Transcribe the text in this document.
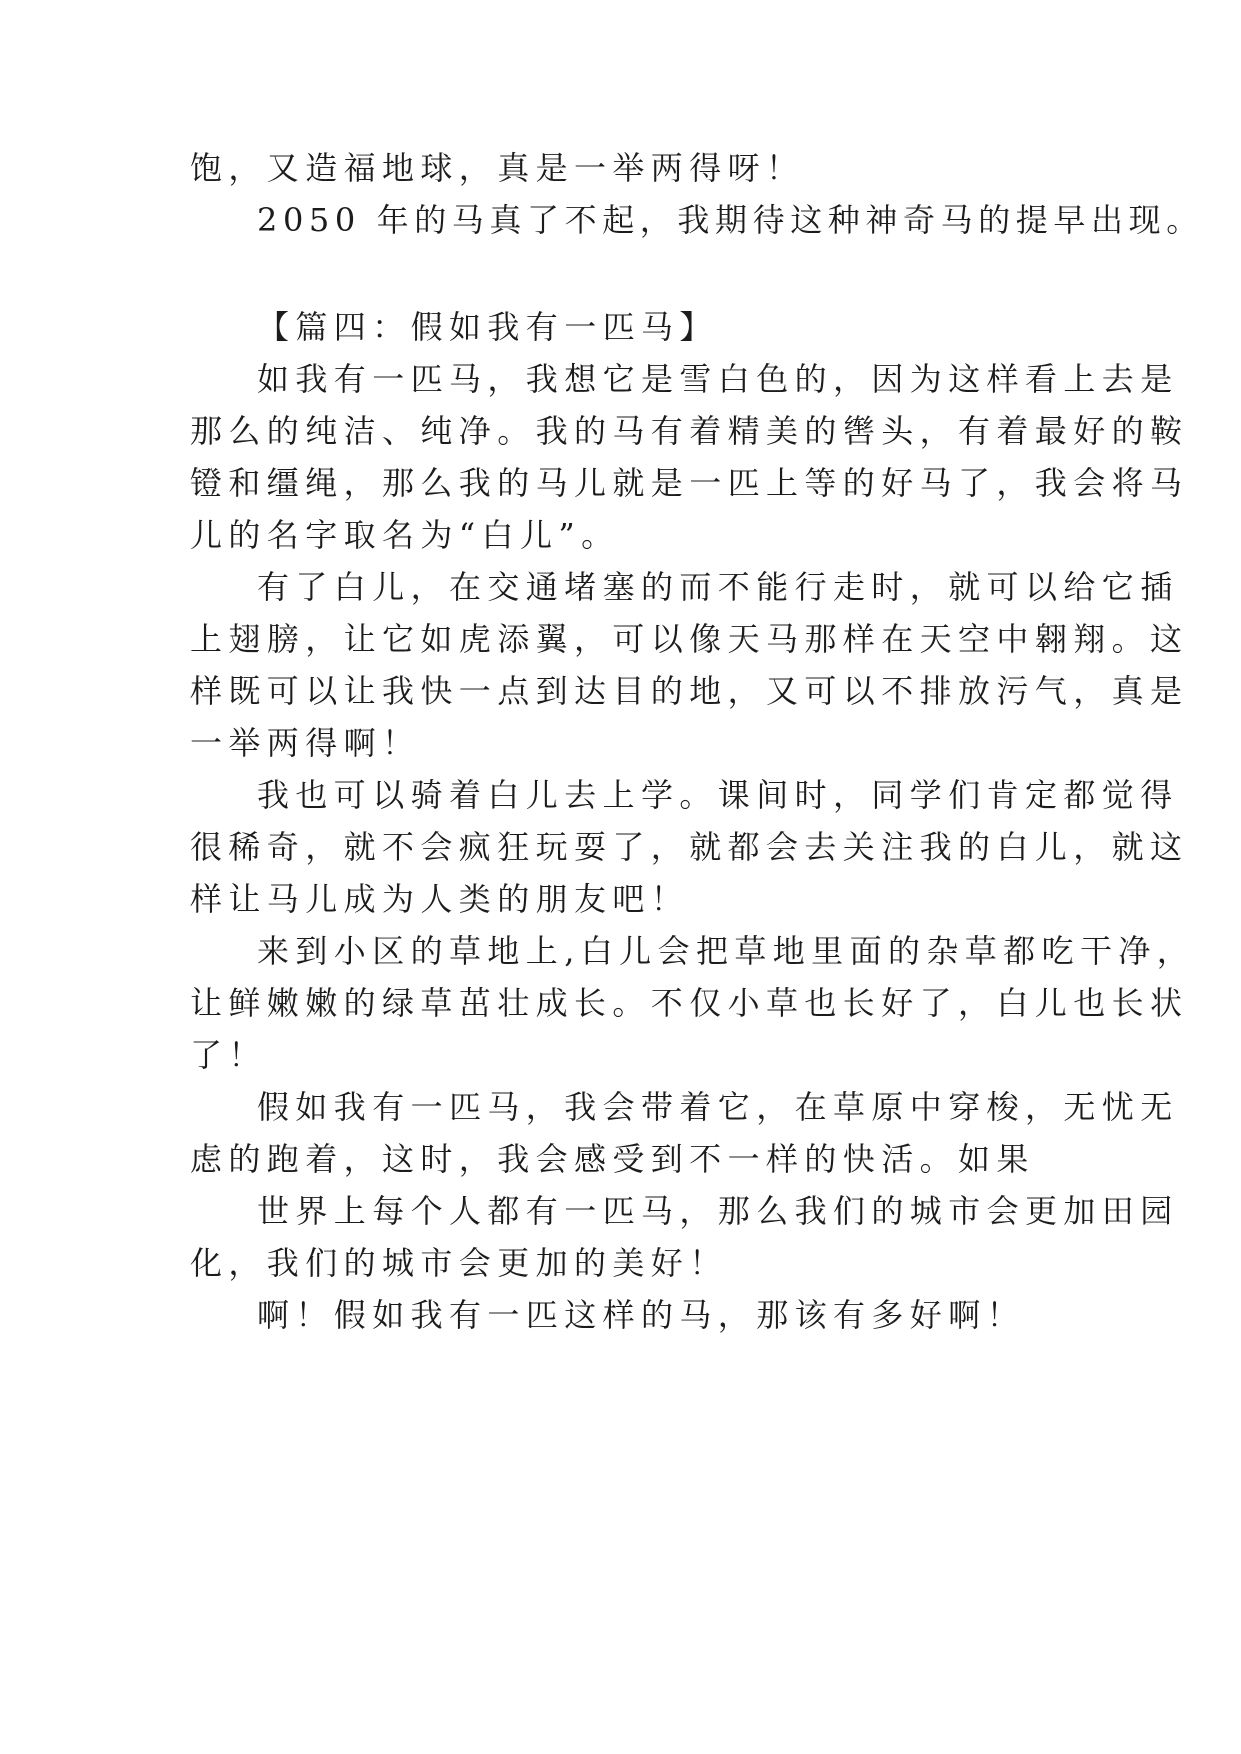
饱，又造福地球，真是一举两得呀！
2050 年的马真了不起，我期待这种神奇马的提早出现。
【篇四：假如我有一匹马】
如我有一匹马，我想它是雪白色的，因为这样看上去是
那么的纯洁、纯净。我的马有着精美的辔头，有着最好的鞍
镫和缰绳，那么我的马儿就是一匹上等的好马了，我会将马
儿的名字取名为“白儿”。
有了白儿，在交通堵塞的而不能行走时，就可以给它插
上翅膀，让它如虎添翼，可以像天马那样在天空中翱翔。这
样既可以让我快一点到达目的地，又可以不排放污气，真是
一举两得啊！
我也可以骑着白儿去上学。课间时，同学们肯定都觉得
很稀奇，就不会疯狂玩耍了，就都会去关注我的白儿，就这
样让马儿成为人类的朋友吧！
来到小区的草地上,白儿会把草地里面的杂草都吃干净，
让鲜嫩嫩的绿草茁壮成长。不仅小草也长好了，白儿也长状
了！
假如我有一匹马，我会带着它，在草原中穿梭，无忧无
虑的跑着，这时，我会感受到不一样的快活。如果
世界上每个人都有一匹马，那么我们的城市会更加田园
化，我们的城市会更加的美好！
啊！假如我有一匹这样的马，那该有多好啊！
